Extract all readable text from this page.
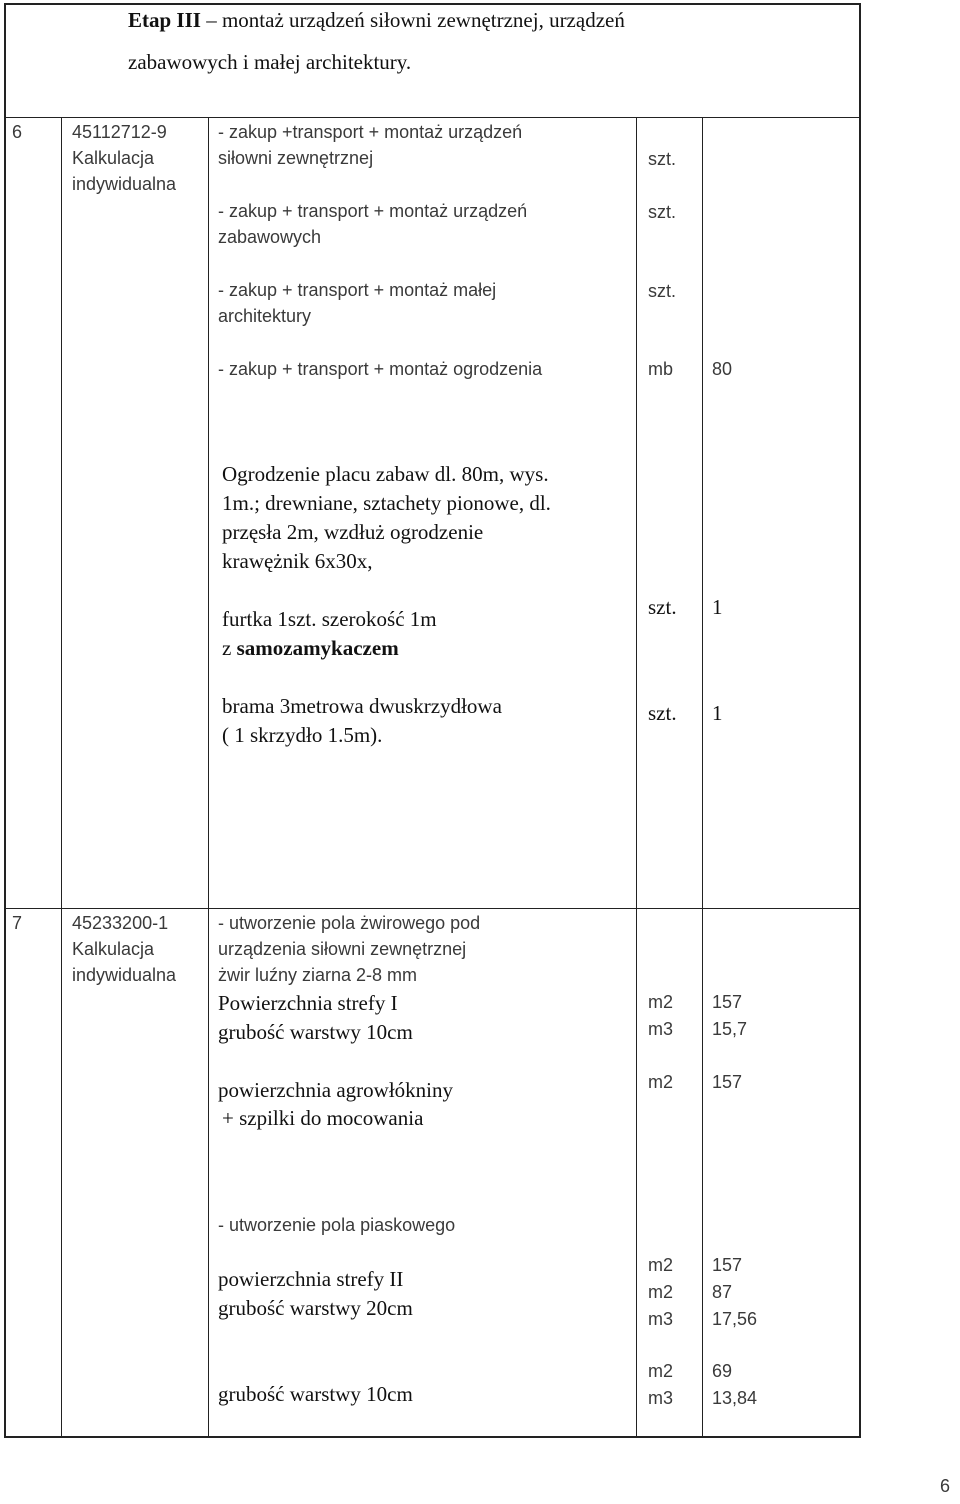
Etap III – montaż urządzeń siłowni zewnętrznej, urządzeń
zabawowych i małej architektury.
6	45112712-9
Kalkulacja
indywidualna
- zakup +transport + montaż urządzeń
siłowni zewnętrznej
- zakup + transport + montaż urządzeń
zabawowych
- zakup + transport + montaż małej
architektury
- zakup + transport + montaż ogrodzenia
szt.
szt.
szt.
mb 80
Ogrodzenie placu zabaw dl. 80m, wys.
1m.; drewniane, sztachety pionowe, dl.
przęsła 2m, wzdłuż ogrodzenie
krawężnik 6x30x,
furtka 1szt. szerokość 1m
z samozamykaczem
szt. 1
brama 3metrowa dwuskrzydłowa
( 1 skrzydło 1.5m).
szt. 1
7	45233200-1
Kalkulacja
indywidualna
- utworzenie pola żwirowego pod
urządzenia siłowni zewnętrznej
żwir luźny ziarna 2-8 mm
Powierzchnia strefy I
grubość warstwy 10cm
m2
m3
157
15,7
powierzchnia agrowłókniny
+ szpilki do mocowania
m2 157
- utworzenie pola piaskowego
powierzchnia strefy II
grubość warstwy 20cm
m2
m2
m3
157
87
17,56
grubość warstwy 10cm
m2
m3
69
13,84
6
